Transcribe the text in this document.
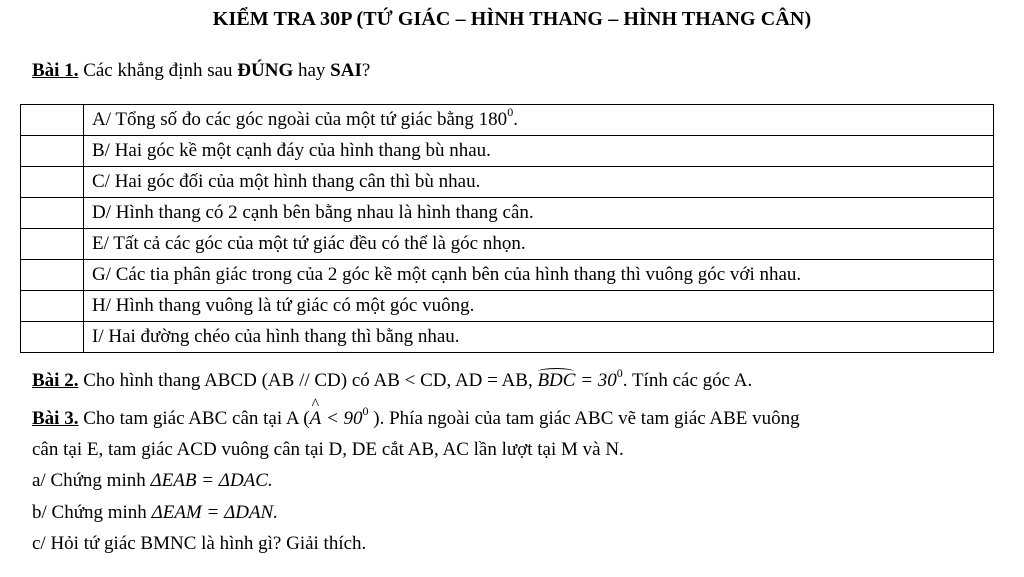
KIỂM TRA 30P (TỨ GIÁC – HÌNH THANG – HÌNH THANG CÂN)
Bài 1. Các khẳng định sau ĐÚNG hay SAI?
	A/ Tổng số đo các góc ngoài của một tứ giác bằng $180^0$.
	B/ Hai góc kề một cạnh đáy của hình thang bù nhau.
	C/ Hai góc đối của một hình thang cân thì bù nhau.
	D/ Hình thang có 2 cạnh bên bằng nhau là hình thang cân.
	E/ Tất cả các góc của một tứ giác đều có thể là góc nhọn.
	G/ Các tia phân giác trong của 2 góc kề một cạnh bên của hình thang thì vuông góc với nhau.
	H/ Hình thang vuông là tứ giác có một góc vuông.
	I/ Hai đường chéo của hình thang thì bằng nhau.
Bài 2. Cho hình thang ABCD (AB // CD) có AB < CD, AD = AB, BDC = $30^0$. Tính các góc A.
Bài 3. Cho tam giác ABC cân tại A (^ $A < 90^0$ ). Phía ngoài của tam giác ABC vẽ tam giác ABE vuông
cân tại E, tam giác ACD vuông cân tại D, DE cắt AB, AC lần lượt tại M và N.
a/ Chứng minh ΔEAB = ΔDAC.
b/ Chứng minh ΔEAM = ΔDAN.
c/ Hỏi tứ giác BMNC là hình gì? Giải thích.
